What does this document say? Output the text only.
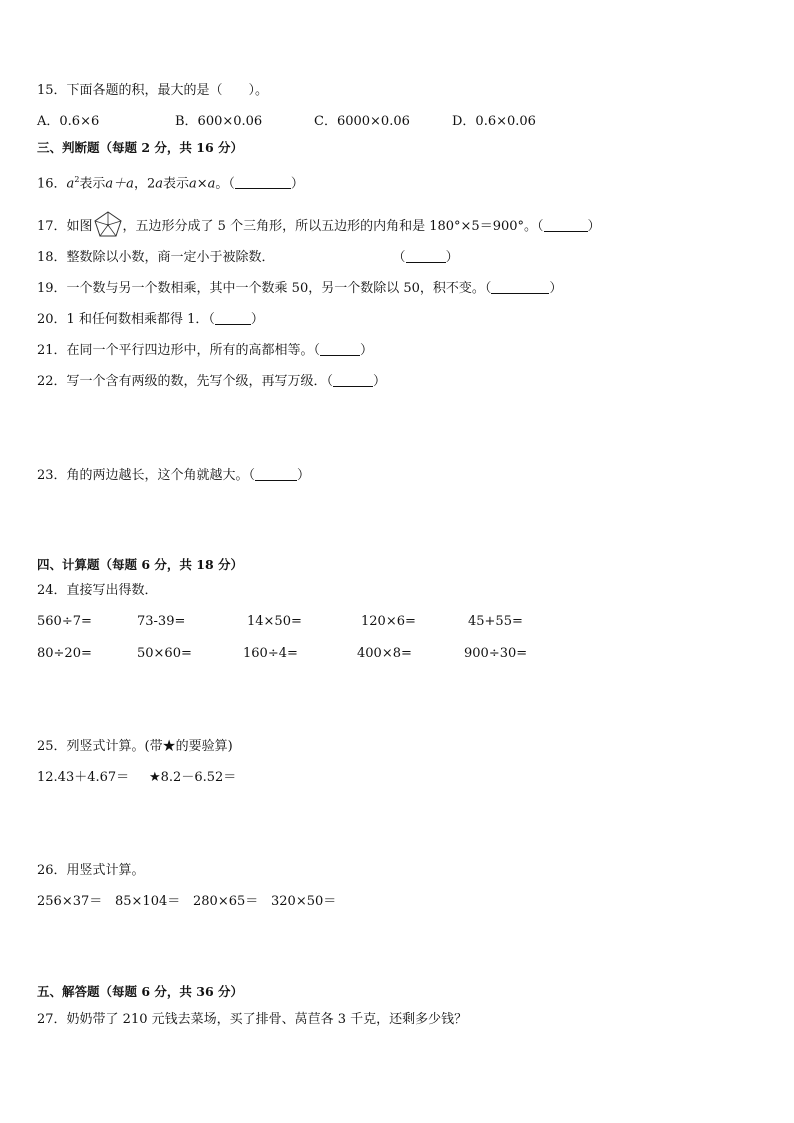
15．下面各题的积，最大的是（　　）。
A．0.6×6	B．600×0.06	C．6000×0.06	D．0.6×0.06
三、判断题（每题 2 分，共 16 分）
16．$a^2$表示a＋a，2a表示a×a。（	）
17．如图 ，五边形分成了 5 个三角形，所以五边形的内角和是 180°×5＝900°。（	）
18．整数除以小数，商一定小于被除数．	（	）
19．一个数与另一个数相乘，其中一个数乘 50，另一个数除以 50，积不变。（	）
20．1 和任何数相乘都得 1．（	）
21．在同一个平行四边形中，所有的高都相等。（	）
22．写一个含有两级的数，先写个级，再写万级．（	）
23．角的两边越长，这个角就越大。（	）
四、计算题（每题 6 分，共 18 分）
24．直接写出得数．
560÷7=	73-39=	14×50=	120×6=	45+55=
80÷20=	50×60=	160÷4=	400×8=	900÷30=
25．列竖式计算。(带★的要验算)
12.43＋4.67＝ ★8.2－6.52＝
26．用竖式计算。
256×37＝ 85×104＝ 280×65＝ 320×50＝
五、解答题（每题 6 分，共 36 分）
27．奶奶带了 210 元钱去菜场，买了排骨、莴苣各 3 千克，还剩多少钱？
